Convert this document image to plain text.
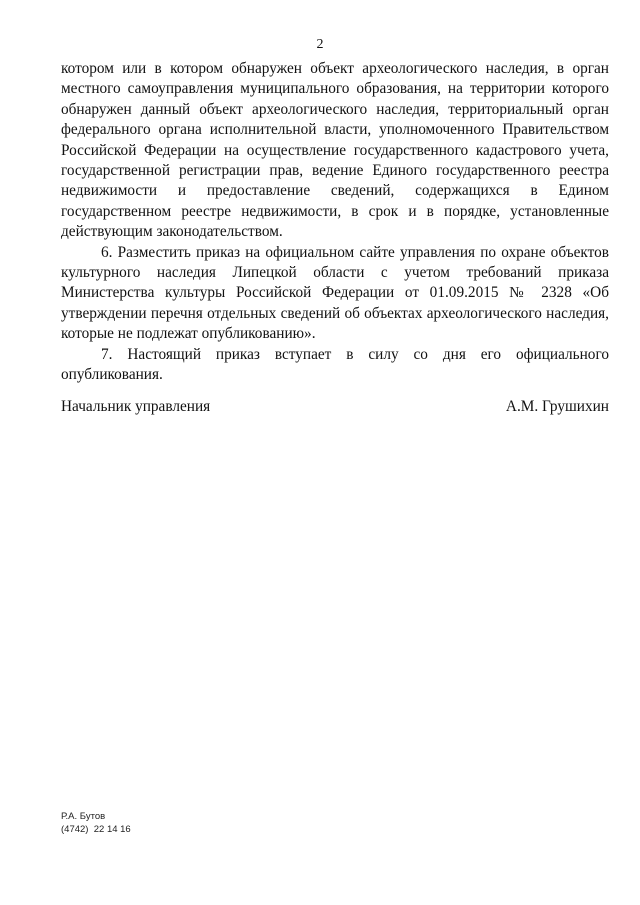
2

котором или в котором обнаружен объект археологического наследия, в орган местного самоуправления муниципального образования, на территории которого обнаружен данный объект археологического наследия, территориальный орган федерального органа исполнительной власти, уполномоченного Правительством Российской Федерации на осуществление государственного кадастрового учета, государственной регистрации прав, ведение Единого государственного реестра недвижимости и предоставление сведений, содержащихся в Едином государственном реестре недвижимости, в срок и в порядке, установленные действующим законодательством.

6. Разместить приказ на официальном сайте управления по охране объектов культурного наследия Липецкой области с учетом требований приказа Министерства культуры Российской Федерации от 01.09.2015 № 2328 «Об утверждении перечня отдельных сведений об объектах археологического наследия, которые не подлежат опубликованию».

7. Настоящий приказ вступает в силу со дня его официального опубликования.

Начальник управления	А.М. Грушихин
Р.А. Бутов
(4742)  22 14 16
